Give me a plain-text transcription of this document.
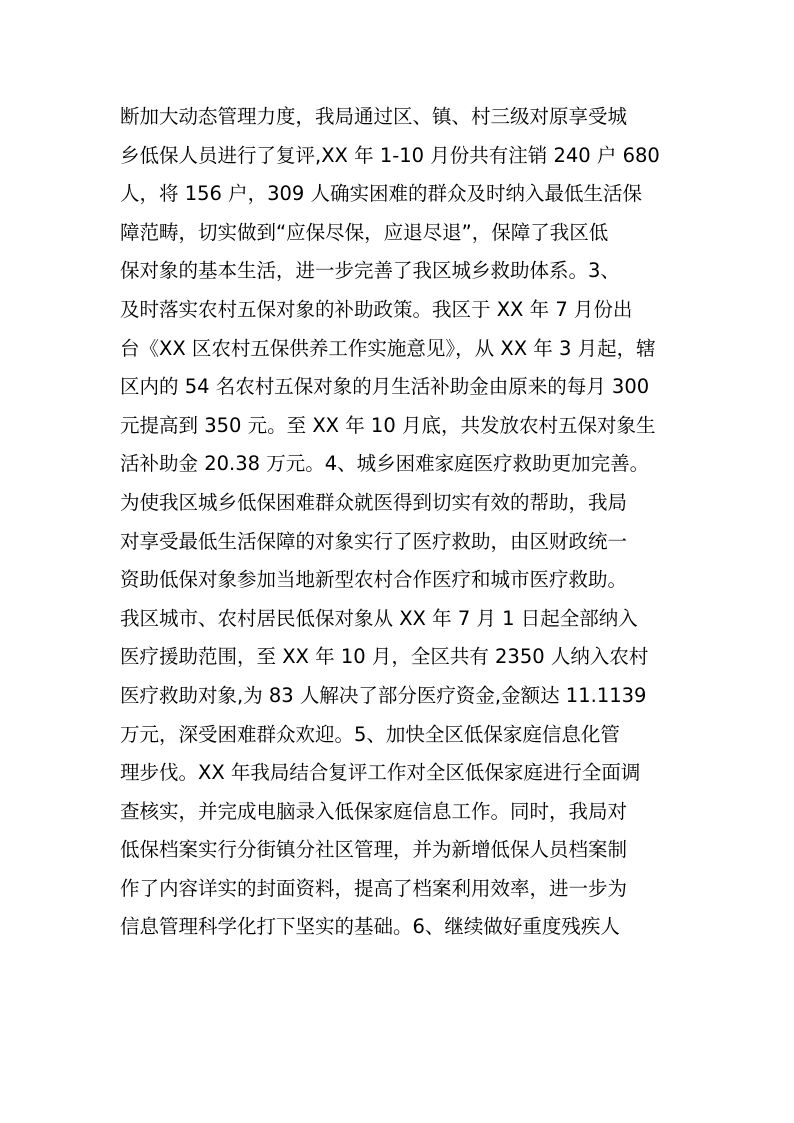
断加大动态管理力度，我局通过区、镇、村三级对原享受城
乡低保人员进行了复评,XX 年 1-10 月份共有注销 240 户 680
人，将 156 户，309 人确实困难的群众及时纳入最低生活保
障范畴，切实做到“应保尽保，应退尽退”，保障了我区低
保对象的基本生活，进一步完善了我区城乡救助体系。3、
及时落实农村五保对象的补助政策。我区于 XX 年 7 月份出
台《XX 区农村五保供养工作实施意见》，从 XX 年 3 月起，辖
区内的 54 名农村五保对象的月生活补助金由原来的每月 300
元提高到 350 元。至 XX 年 10 月底，共发放农村五保对象生
活补助金 20.38 万元。4、城乡困难家庭医疗救助更加完善。
为使我区城乡低保困难群众就医得到切实有效的帮助，我局
对享受最低生活保障的对象实行了医疗救助，由区财政统一
资助低保对象参加当地新型农村合作医疗和城市医疗救助。
我区城市、农村居民低保对象从 XX 年 7 月 1 日起全部纳入
医疗援助范围，至 XX 年 10 月，全区共有 2350 人纳入农村
医疗救助对象,为 83 人解决了部分医疗资金,金额达 11.1139
万元，深受困难群众欢迎。5、加快全区低保家庭信息化管
理步伐。XX 年我局结合复评工作对全区低保家庭进行全面调
查核实，并完成电脑录入低保家庭信息工作。同时，我局对
低保档案实行分街镇分社区管理，并为新增低保人员档案制
作了内容详实的封面资料，提高了档案利用效率，进一步为
信息管理科学化打下坚实的基础。6、继续做好重度残疾人
